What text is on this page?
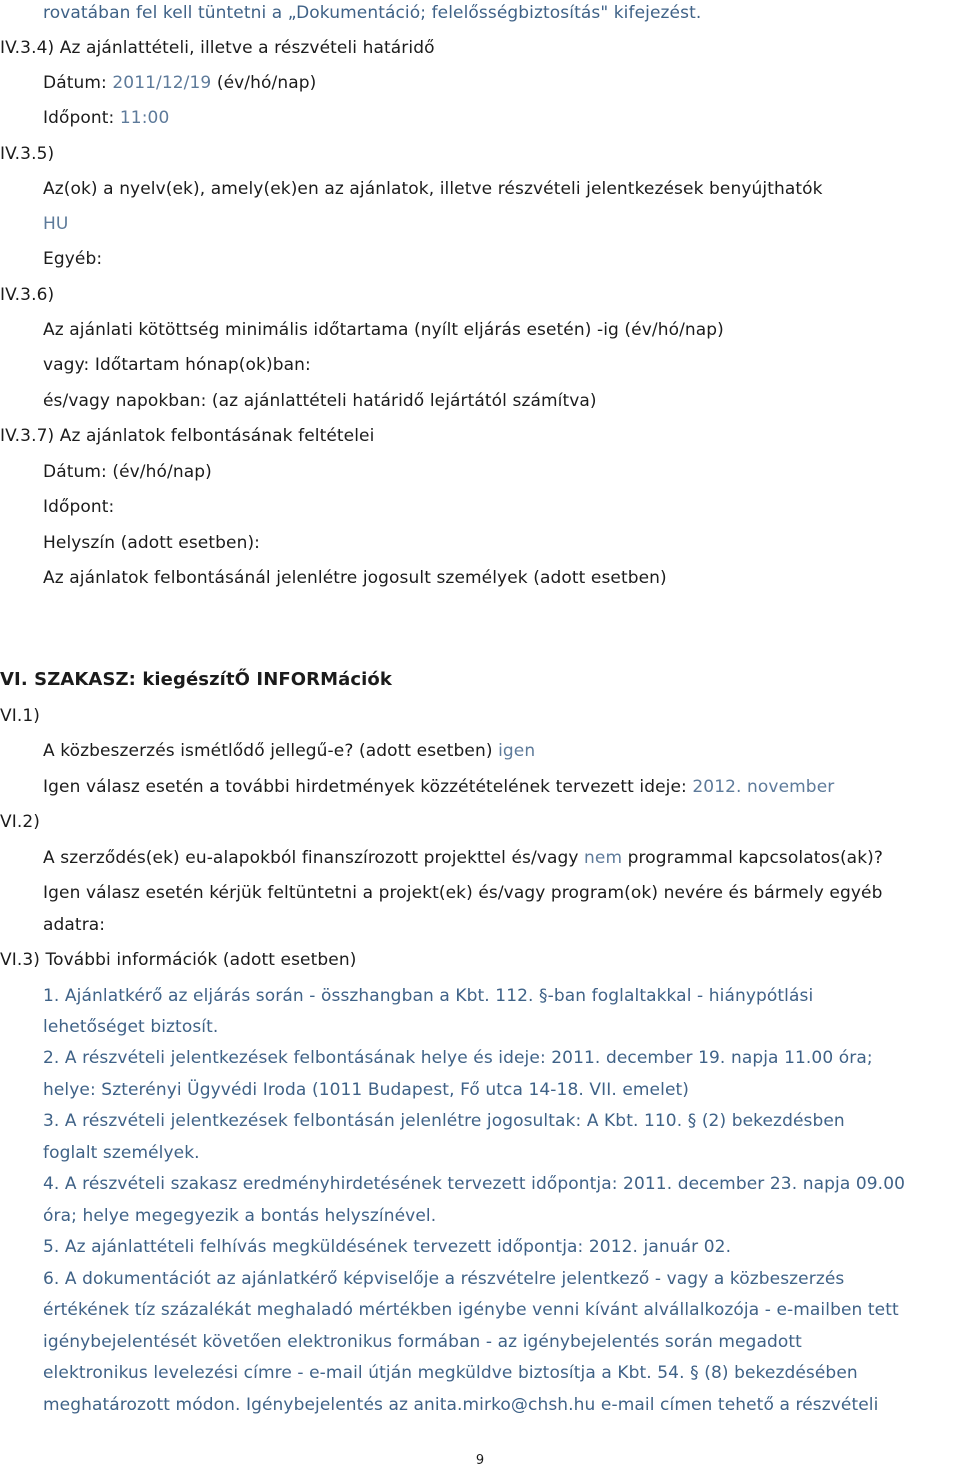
rovatában fel kell tüntetni a „Dokumentáció; felelősségbiztosítás" kifejezést.
IV.3.4) Az ajánlattételi, illetve a részvételi határidő
Dátum: 2011/12/19 (év/hó/nap)
Időpont: 11:00
IV.3.5)
Az(ok) a nyelv(ek), amely(ek)en az ajánlatok, illetve részvételi jelentkezések benyújthatók
HU
Egyéb:
IV.3.6)
Az ajánlati kötöttség minimális időtartama (nyílt eljárás esetén) -ig (év/hó/nap)
vagy: Időtartam hónap(ok)ban:
és/vagy napokban: (az ajánlattételi határidő lejártától számítva)
IV.3.7) Az ajánlatok felbontásának feltételei
Dátum: (év/hó/nap)
Időpont:
Helyszín (adott esetben):
Az ajánlatok felbontásánál jelenlétre jogosult személyek (adott esetben)
VI. SZAKASZ: kiegészítŐ INFORMációk
VI.1)
A közbeszerzés ismétlődő jellegű-e? (adott esetben) igen
Igen válasz esetén a további hirdetmények közzétételének tervezett ideje: 2012. november
VI.2)
A szerződés(ek) eu-alapokból finanszírozott projekttel és/vagy nem programmal kapcsolatos(ak)?
Igen válasz esetén kérjük feltüntetni a projekt(ek) és/vagy program(ok) nevére és bármely egyéb
adatra:
VI.3) További információk (adott esetben)
1. Ajánlatkérő az eljárás során - összhangban a Kbt. 112. §-ban foglaltakkal - hiánypótlási
lehetőséget biztosít.
2. A részvételi jelentkezések felbontásának helye és ideje: 2011. december 19. napja 11.00 óra;
helye: Szterényi Ügyvédi Iroda (1011 Budapest, Fő utca 14-18. VII. emelet)
3. A részvételi jelentkezések felbontásán jelenlétre jogosultak: A Kbt. 110. § (2) bekezdésben
foglalt személyek.
4. A részvételi szakasz eredményhirdetésének tervezett időpontja: 2011. december 23. napja 09.00
óra; helye megegyezik a bontás helyszínével.
5. Az ajánlattételi felhívás megküldésének tervezett időpontja: 2012. január 02.
6. A dokumentációt az ajánlatkérő képviselője a részvételre jelentkező - vagy a közbeszerzés
értékének tíz százalékát meghaladó mértékben igénybe venni kívánt alvállalkozója - e-mailben tett
igénybejelentését követően elektronikus formában - az igénybejelentés során megadott
elektronikus levelezési címre - e-mail útján megküldve biztosítja a Kbt. 54. § (8) bekezdésében
meghatározott módon. Igénybejelentés az anita.mirko@chsh.hu e-mail címen tehető a részvételi
9
